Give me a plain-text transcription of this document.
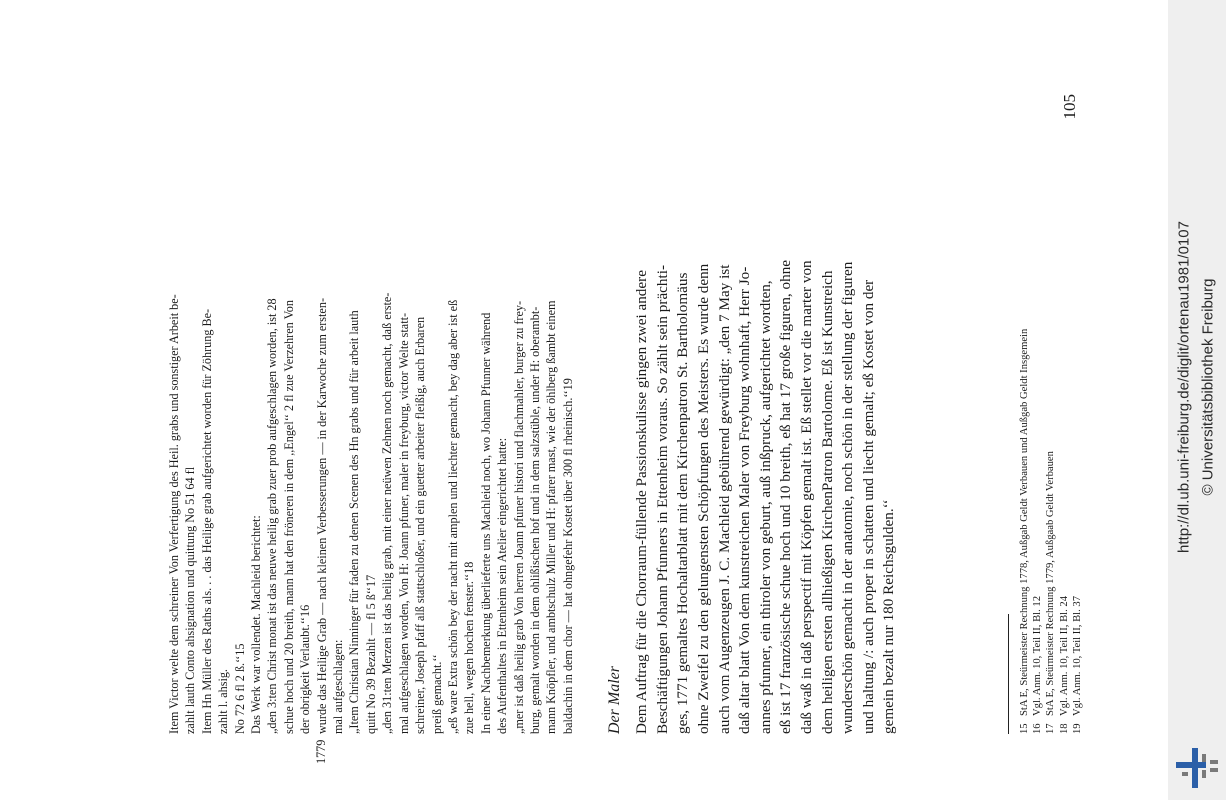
http://dl.ub.uni-freiburg.de/diglit/ortenau1981/0107 © Universitätsbibliothek Freiburg
Item Victor welte dem schreiner Von Verfertigung des Heil. grabs und sonstiger Arbeit be- zahlt lauth Conto ahsignation und quittung No 51 64 fl Item Hn Müller des Raths als. . . das Heilige grab aufgerichtet worden für Zöhrung Be- zahlt l. ahsig. No 72 6 fl 2 ß.‘‘15 Das Werk war vollendet. Machleid berichtet: „den 3:ten Christ monat ist das neuwe heilig grab zuer prob aufgeschlagen worden, ist 28 schue hoch und 20 breith, mann hat den fröneren in dem ,,Engel‘‘ 2 fl zue Verzehren Von der obrigkeit Verlaubt.‘‘16
1779
wurde das Heilige Grab — nach kleinen Verbesserungen — in der Karwoche zum ersten- mal aufgeschlagen: „Item Christian Ninninger für faden zu denen Scenen des Hn grabs und für arbeit lauth quitt No 39 Bezahlt — fl 5 ß‘‘17 „den 31:ten Merzen ist das heilig grab, mit einer neüwen Zehnen noch gemacht, daß erste- mal aufgeschlagen worden, Von H: Joann pfuner, maler in freyburg, victor Welte statt- schreiner, Joseph pfaff alß stattschloßer, und ein guetter arbeiter fleißig, auch Erbaren preiß gemacht.‘‘ „eß ware Extra schön bey der nacht mit amplen und liechter gemacht, bey dag aber ist eß zue hell, wegen hochen fenster.‘‘18 In einer Nachbemerkung überlieferte uns Machleid noch, wo Johann Pfunner während des Aufenthaltes in Ettenheim sein Atelier eingerichtet hatte: „mer ist daß heilig grab Von herren Joann pfuner histori und flachmahler, burger zu frey- burg, gemalt worden in dem ohlißischen hof und in dem salzstüble, under H: oberambt- mann Knöpfler, und ambtschulz Miller und H: pfarer mast, wie der öhlberg ßambt einem baldachin in dem chor — hat ohngefehr Kostet über 300 fl rheinisch.‘‘19 Der Maler Dem Auftrag für die Chorraum-füllende Passionskulisse gingen zwei andere Beschäftigungen Johann Pfunners in Ettenheim voraus. So zählt sein prächti- ges, 1771 gemaltes Hochaltarblatt mit dem Kirchenpatron St. Bartholomäus ohne Zweifel zu den gelungensten Schöpfungen des Meisters. Es wurde denn auch vom Augenzeugen J. C. Machleid gebührend gewürdigt: „den 7 May ist daß altar blatt Von dem kunstreichen Maler von Freyburg wohnhaft, Herr Jo- annes pfunner, ein thiroler von geburt, auß inßpruck, aufgerichtet wordten, eß ist 17 französische schue hoch und 10 breith, eß hat 17 große figuren, ohne daß waß in daß perspectif mit Köpfen gemalt ist. Eß stellet vor die marter von dem heiligen ersten allhießigen KirchenPatron Bartolome. Eß ist Kunstreich wunderschön gemacht in der anatomie, noch schön in der stellung der figuren und haltung /: auch proper in schatten und liecht gemalt; eß Kostet von der gemein bezalt nur 180 Reichsgulden.‘‘
105
15StA E, Steürmeister Rechnung 1778, Außgab Geldt Verbauen und Außgab Geldt Insgemein
16Vgl. Anm. 10, Teil II, Bl. 12
17StA E, Steürmeister Rechnung 1779, Außgaab Geldt Verbauen
18Vgl. Anm. 10, Teil II, Bl. 24
19Vgl. Anm. 10, Teil II, Bl. 37
